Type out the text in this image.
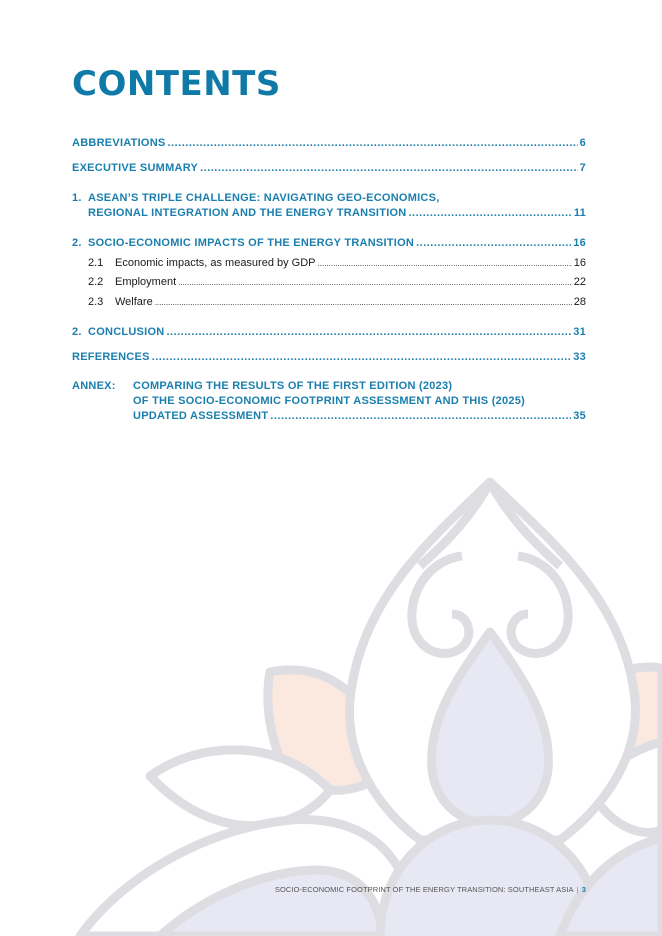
CONTENTS
ABBREVIATIONS .....	6
EXECUTIVE SUMMARY .....	7
1. ASEAN’S TRIPLE CHALLENGE: NAVIGATING GEO-ECONOMICS,
REGIONAL INTEGRATION AND THE ENERGY TRANSITION .....	11
2. SOCIO-ECONOMIC IMPACTS OF THE ENERGY TRANSITION .....	16
2.1	Economic impacts, as measured by GDP .....	16
2.2	Employment .....	22
2.3	Welfare .....	28
2. CONCLUSION .....	31
REFERENCES .....	33
ANNEX: COMPARING THE RESULTS OF THE FIRST EDITION (2023)
OF THE SOCIO-ECONOMIC FOOTPRINT ASSESSMENT AND THIS (2025)
UPDATED ASSESSMENT .....	35
SOCIO-ECONOMIC FOOTPRINT OF THE ENERGY TRANSITION: SOUTHEAST ASIA | 3
